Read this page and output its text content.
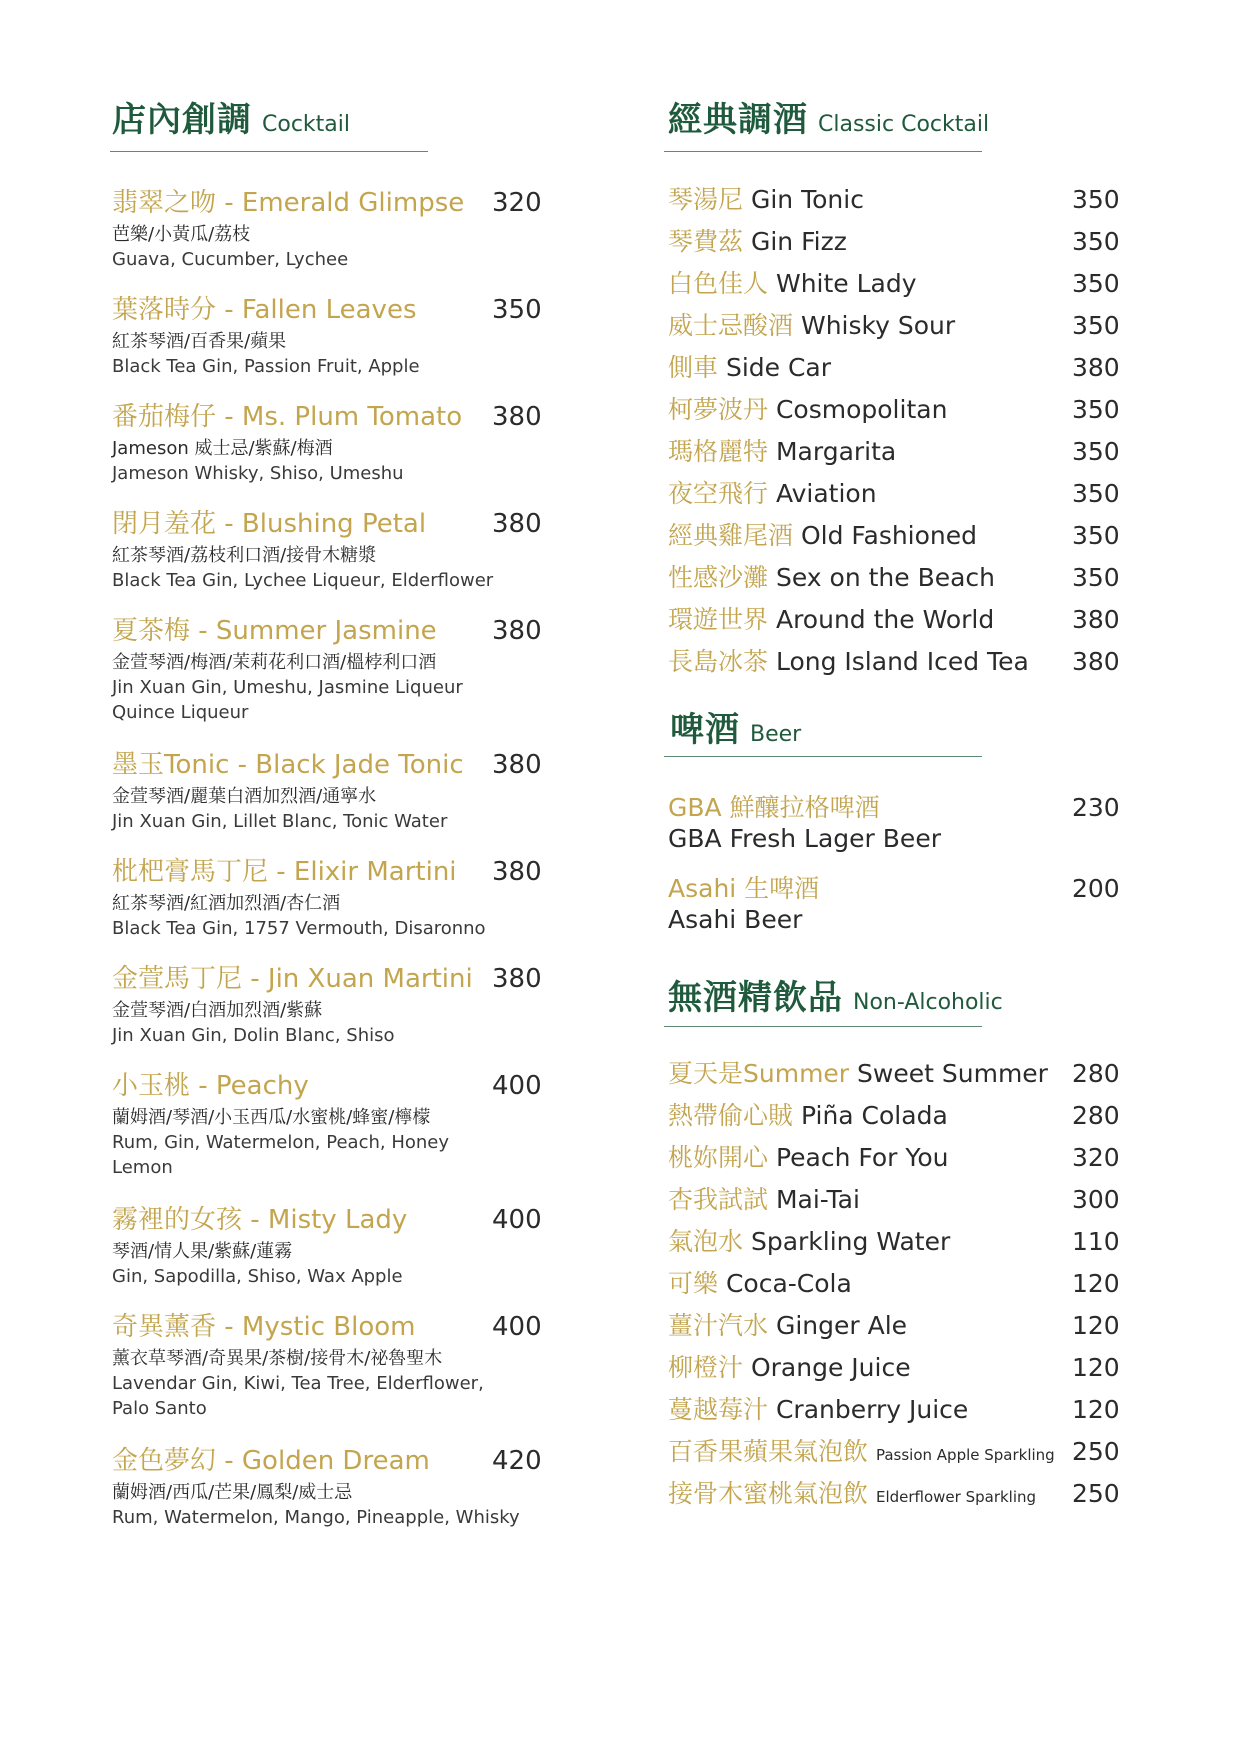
店內創調 Cocktail
翡翠之吻 - Emerald Glimpse 320
芭樂/小黃瓜/荔枝
Guava, Cucumber, Lychee
葉落時分 - Fallen Leaves	350
紅茶琴酒/百香果/蘋果
Black Tea Gin, Passion Fruit, Apple
番茄梅仔 - Ms. Plum Tomato 380
Jameson 威士忌/紫蘇/梅酒
Jameson Whisky, Shiso, Umeshu
閉月羞花 - Blushing Petal	380
紅茶琴酒/荔枝利口酒/接骨木糖漿
Black Tea Gin, Lychee Liqueur, Elderflower
夏茶梅 - Summer Jasmine 380
金萱琴酒/梅酒/茉莉花利口酒/榲桲利口酒
Jin Xuan Gin, Umeshu, Jasmine Liqueur
Quince Liqueur
墨玉Tonic - Black Jade Tonic 380
金萱琴酒/麗葉白酒加烈酒/通寧水
Jin Xuan Gin, Lillet Blanc, Tonic Water
枇杷膏馬丁尼 - Elixir Martini 380
紅茶琴酒/紅酒加烈酒/杏仁酒
Black Tea Gin, 1757 Vermouth, Disaronno
金萱馬丁尼 - Jin Xuan Martini 380
金萱琴酒/白酒加烈酒/紫蘇
Jin Xuan Gin, Dolin Blanc, Shiso
小玉桃 - Peachy	400
蘭姆酒/琴酒/小玉西瓜/水蜜桃/蜂蜜/檸檬
Rum, Gin, Watermelon, Peach, Honey
Lemon
霧裡的女孩 - Misty Lady	400
琴酒/情人果/紫蘇/蓮霧
Gin, Sapodilla, Shiso, Wax Apple
奇異薰香 - Mystic Bloom	400
薰衣草琴酒/奇異果/茶樹/接骨木/祕魯聖木
Lavendar Gin, Kiwi, Tea Tree, Elderflower,
Palo Santo
金色夢幻 - Golden Dream 420
蘭姆酒/西瓜/芒果/鳳梨/威士忌
Rum, Watermelon, Mango, Pineapple, Whisky
經典調酒 Classic Cocktail
琴湯尼 Gin Tonic	350
琴費茲 Gin Fizz	350
白色佳人 White Lady	350
威士忌酸酒 Whisky Sour	350
側車 Side Car	380
柯夢波丹 Cosmopolitan	350
瑪格麗特 Margarita	350
夜空飛行 Aviation	350
經典雞尾酒 Old Fashioned	350
性感沙灘 Sex on the Beach	350
環遊世界 Around the World	380
長島冰茶 Long Island Iced Tea 380
啤酒 Beer
GBA 鮮釀拉格啤酒	230
GBA Fresh Lager Beer
Asahi 生啤酒	200
Asahi Beer
無酒精飲品 Non-Alcoholic
夏天是Summer Sweet Summer 280
熱帶偷心賊 Piña Colada	280
桃妳開心 Peach For You	320
杏我試試 Mai-Tai	300
氣泡水 Sparkling Water	110
可樂 Coca-Cola	120
薑汁汽水 Ginger Ale	120
柳橙汁 Orange Juice	120
蔓越莓汁 Cranberry Juice	120
百香果蘋果氣泡飲 Passion Apple Sparkling 250
接骨木蜜桃氣泡飲 Elderflower Sparkling 250
